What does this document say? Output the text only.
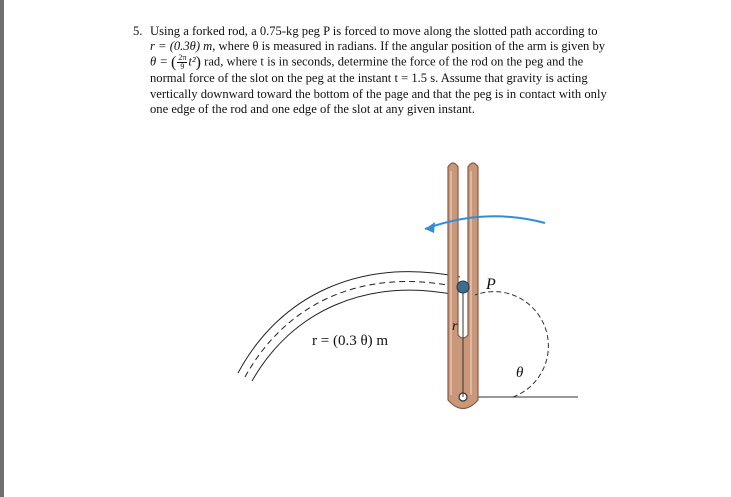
5. Using a forked rod, a 0.75-kg peg P is forced to move along the slotted path according to
r = (0.3θ) m, where θ is measured in radians. If the angular position of the arm is given by
θ = ( $\frac{2\pi}{9} t^2$) rad, where t is in seconds, determine the force of the rod on the peg and the
normal force of the slot on the peg at the instant t = 1.5 s. Assume that gravity is acting
vertically downward toward the bottom of the page and that the peg is in contact with only
one edge of the rod and one edge of the slot at any given instant.
P
r
θ
r = (0.3 θ) m
